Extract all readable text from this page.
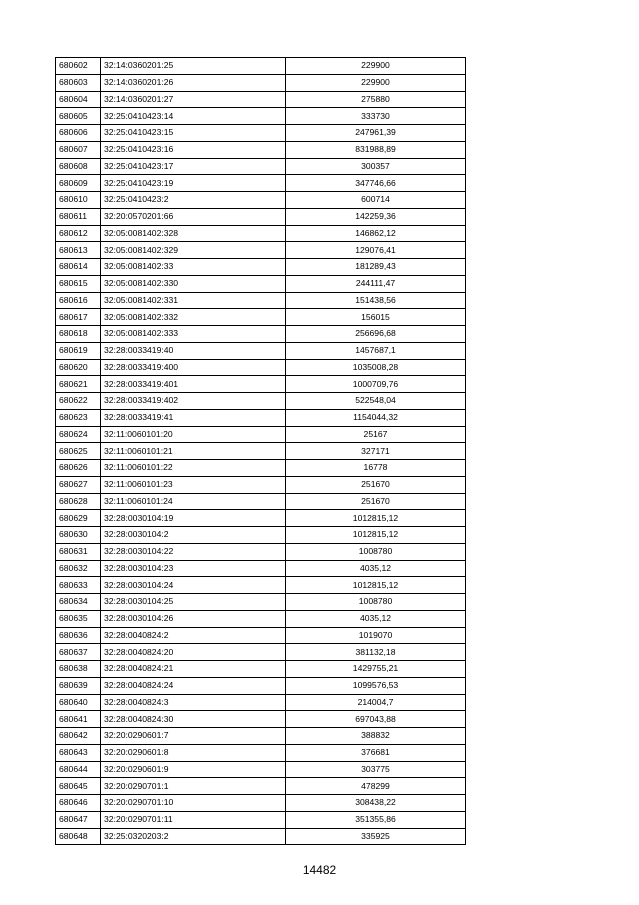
680602	32:14:0360201:25	229900
680603	32:14:0360201:26	229900
680604	32:14:0360201:27	275880
680605	32:25:0410423:14	333730
680606	32:25:0410423:15	247961,39
680607	32:25:0410423:16	831988,89
680608	32:25:0410423:17	300357
680609	32:25:0410423:19	347746,66
680610	32:25:0410423:2	600714
680611	32:20:0570201:66	142259,36
680612	32:05:0081402:328	146862,12
680613	32:05:0081402:329	129076,41
680614	32:05:0081402:33	181289,43
680615	32:05:0081402:330	244111,47
680616	32:05:0081402:331	151438,56
680617	32:05:0081402:332	156015
680618	32:05:0081402:333	256696,68
680619	32:28:0033419:40	1457687,1
680620	32:28:0033419:400	1035008,28
680621	32:28:0033419:401	1000709,76
680622	32:28:0033419:402	522548,04
680623	32:28:0033419:41	1154044,32
680624	32:11:0060101:20	25167
680625	32:11:0060101:21	327171
680626	32:11:0060101:22	16778
680627	32:11:0060101:23	251670
680628	32:11:0060101:24	251670
680629	32:28:0030104:19	1012815,12
680630	32:28:0030104:2	1012815,12
680631	32:28:0030104:22	1008780
680632	32:28:0030104:23	4035,12
680633	32:28:0030104:24	1012815,12
680634	32:28:0030104:25	1008780
680635	32:28:0030104:26	4035,12
680636	32:28:0040824:2	1019070
680637	32:28:0040824:20	381132,18
680638	32:28:0040824:21	1429755,21
680639	32:28:0040824:24	1099576,53
680640	32:28:0040824:3	214004,7
680641	32:28:0040824:30	697043,88
680642	32:20:0290601:7	388832
680643	32:20:0290601:8	376681
680644	32:20:0290601:9	303775
680645	32:20:0290701:1	478299
680646	32:20:0290701:10	308438,22
680647	32:20:0290701:11	351355,86
680648	32:25:0320203:2	335925
14482
